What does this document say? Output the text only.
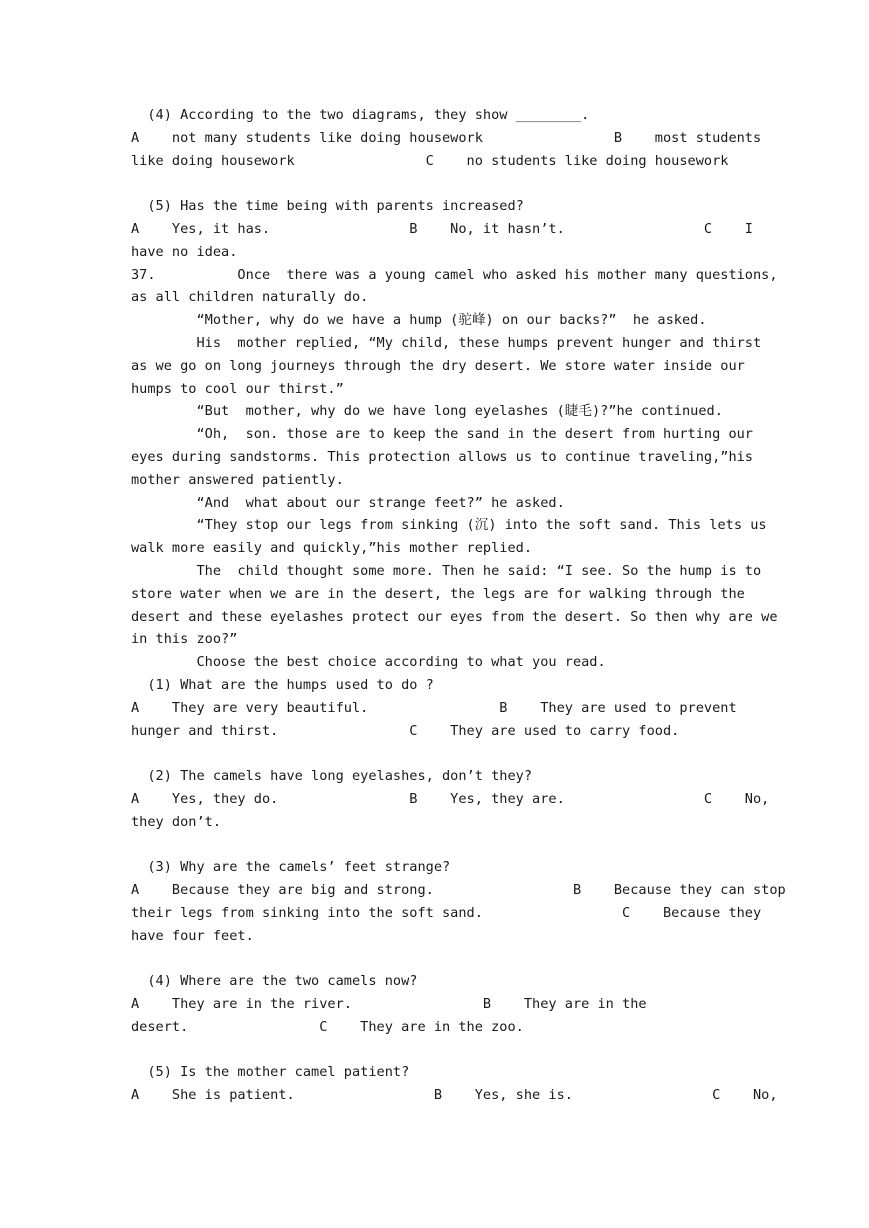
(4) According to the two diagrams, they show ________.
A    not many students like doing housework                B    most students
like doing housework                C    no students like doing housework
(5) Has the time being with parents increased?
A    Yes, it has.                 B    No, it hasn’t.                 C    I
have no idea.
37.          Once  there was a young camel who asked his mother many questions,
as all children naturally do.
“Mother, why do we have a hump (驼峰) on our backs?”  he asked.
His  mother replied, “My child, these humps prevent hunger and thirst
as we go on long journeys through the dry desert. We store water inside our
humps to cool our thirst.”
“But  mother, why do we have long eyelashes (睫毛)?”he continued.
“Oh,  son. those are to keep the sand in the desert from hurting our
eyes during sandstorms. This protection allows us to continue traveling,”his
mother answered patiently.
“And  what about our strange feet?” he asked.
“They stop our legs from sinking (沉) into the soft sand. This lets us
walk more easily and quickly,”his mother replied.
The  child thought some more. Then he said: “I see. So the hump is to
store water when we are in the desert, the legs are for walking through the
desert and these eyelashes protect our eyes from the desert. So then why are we
in this zoo?”
Choose the best choice according to what you read.
(1) What are the humps used to do ?
A    They are very beautiful.                B    They are used to prevent
hunger and thirst.                C    They are used to carry food.
(2) The camels have long eyelashes, don’t they?
A    Yes, they do.                B    Yes, they are.                 C    No,
they don’t.
(3) Why are the camels’ feet strange?
A    Because they are big and strong.                 B    Because they can stop
their legs from sinking into the soft sand.                 C    Because they
have four feet.
(4) Where are the two camels now?
A    They are in the river.                B    They are in the
desert.                C    They are in the zoo.
(5) Is the mother camel patient?
A    She is patient.                 B    Yes, she is.                 C    No,
